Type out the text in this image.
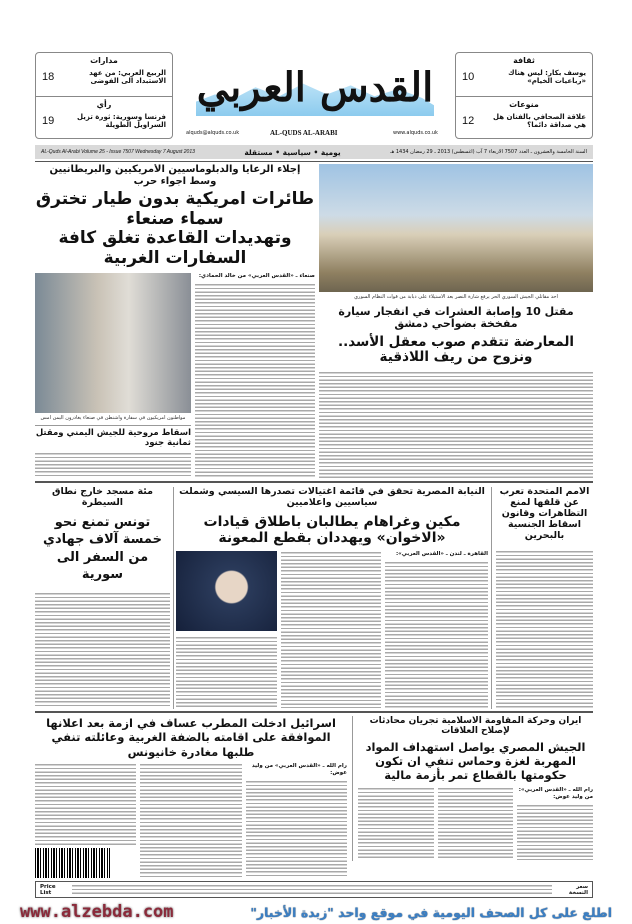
مدارات
الربيع العربي: من عهد الاستبداد الى الفوضى
18
رأي
فرنسا وسورية: ثورة تزيل السراويل الطويلة
19
ثقافة
10	يوسف بكار: ليس هناك «رباعيات الخيام»
منوعات
12	علاقة الصحافي بالفنان هل هي صداقة دائما؟
القدس العربي
alquds@alquds.co.uk	AL-QUDS AL-ARABI	www.alquds.co.uk
AL-Quds Al-Arabi Volume 25 - Issue 7507 Wednesday 7 August 2013	يومية • سياسية • مستقلة	السنة الخامسة والعشرون ـ العدد 7507 الاربعاء 7 آب (اغسطس) 2013 ـ 29 رمضان 1434 هـ
إجلاء الرعايا والدبلوماسيين الأمريكيين والبريطانيين وسط اجواء حرب
طائرات امريكية بدون طيار تخترق سماء صنعاء
وتهديدات القاعدة تغلق كافة السفارات الغربية
مواطنون امريكيون في سفارة واشنطن في صنعاء يغادرون اليمن امس
اسقاط مروحية للجيش اليمني ومقتل ثمانية جنود
صنعاء ـ «القدس العربي» من خالد الحمادي:
احد مقاتلي الجيش السوري الحر يرفع شارة النصر بعد الاستيلاء على دبابة من قوات النظام السوري
مقتل 10 وإصابة العشرات في انفجار سيارة مفخخة بضواحي دمشق
المعارضة تتقدم صوب معقل الأسد.. ونزوح من ريف اللاذقية
الأمم المتحدة تعرب عن قلقها لمنع التظاهرات وقانون اسقاط الجنسية بالبحرين
النيابة المصرية تحقق في قائمة اغتيالات تصدرها السيسي وشملت سياسيين واعلاميين
مكين وغراهام يطالبان باطلاق قيادات «الاخوان» ويهددان بقطع المعونة
القاهرة ـ لندن ـ «القدس العربي»:
مئة مسجد خارج نطاق السيطرة
تونس تمنع نحو خمسة آلاف جهادي من السفر الى سورية
ايران وحركة المقاومة الاسلامية تجريان محادثات لإصلاح العلاقات
الجيش المصري يواصل استهداف المواد المهربة لغزة وحماس تنفي ان تكون حكومتها بالقطاع تمر بأزمة مالية
رام الله ـ «القدس العربي»: من وليد عوض:
اسرائيل ادخلت المطرب عساف في ازمة بعد اعلانها الموافقة على اقامته بالضفة الغربية وعائلته تنفي طلبها مغادرة خانيونس
رام الله ـ «القدس العربي» من وليد عوض:
Price List
سعر النسخة
www.alzebda.com	اطلع على كل الصحف اليومية في موقع واحد "زبدة الأخبار"
